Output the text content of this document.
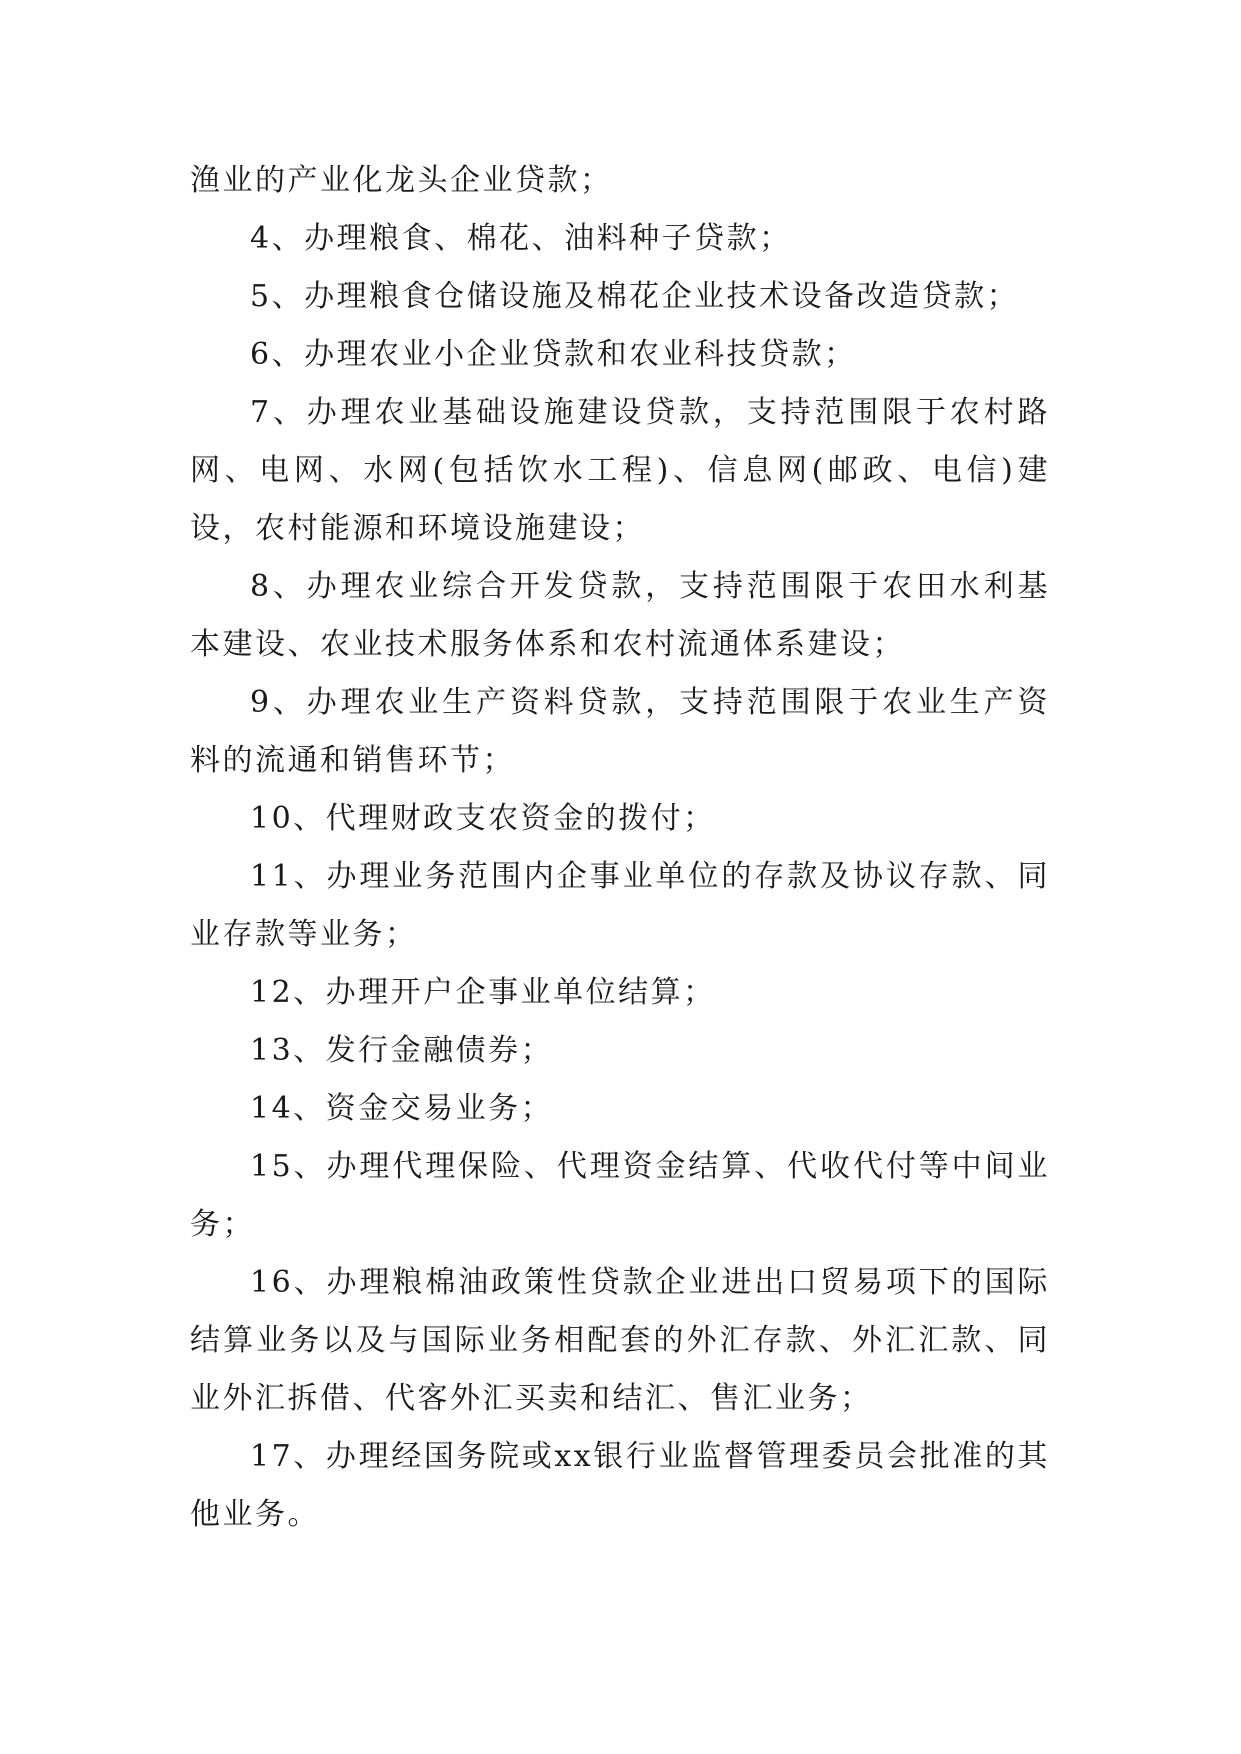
渔业的产业化龙头企业贷款；

4、办理粮食、棉花、油料种子贷款；

5、办理粮食仓储设施及棉花企业技术设备改造贷款；

6、办理农业小企业贷款和农业科技贷款；

7、办理农业基础设施建设贷款，支持范围限于农村路网、电网、水网(包括饮水工程)、信息网(邮政、电信)建设，农村能源和环境设施建设；

8、办理农业综合开发贷款，支持范围限于农田水利基本建设、农业技术服务体系和农村流通体系建设；

9、办理农业生产资料贷款，支持范围限于农业生产资料的流通和销售环节；

10、代理财政支农资金的拨付；

11、办理业务范围内企事业单位的存款及协议存款、同业存款等业务；

12、办理开户企事业单位结算；

13、发行金融债券；

14、资金交易业务；

15、办理代理保险、代理资金结算、代收代付等中间业务；

16、办理粮棉油政策性贷款企业进出口贸易项下的国际结算业务以及与国际业务相配套的外汇存款、外汇汇款、同业外汇拆借、代客外汇买卖和结汇、售汇业务；

17、办理经国务院或xx银行业监督管理委员会批准的其他业务。
